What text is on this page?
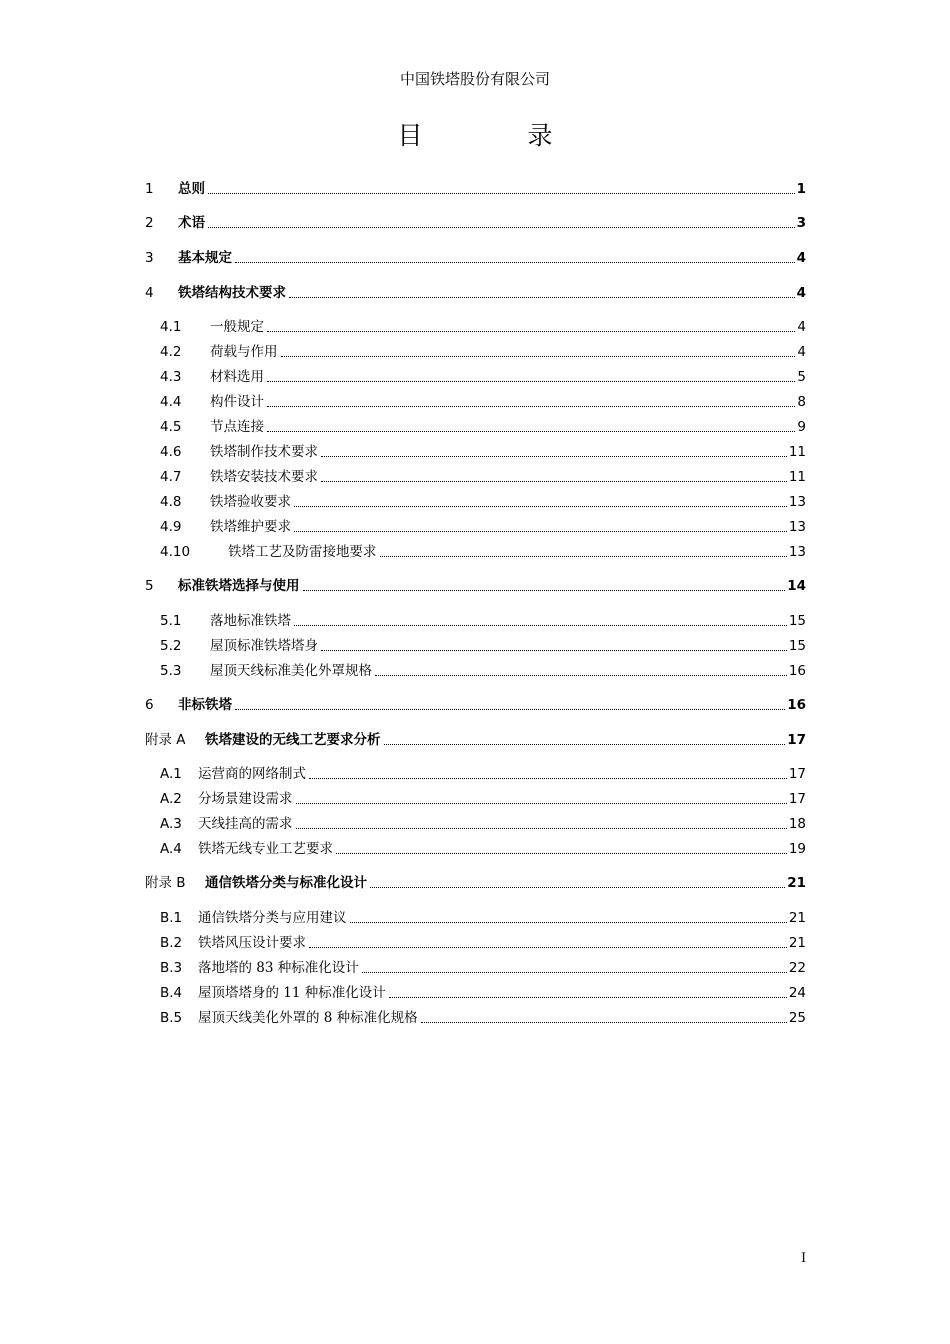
中国铁塔股份有限公司
目　录
1	总则	1
2	术语	3
3	基本规定	4
4	铁塔结构技术要求	4
4.1	一般规定	4
4.2	荷载与作用	4
4.3	材料选用	5
4.4	构件设计	8
4.5	节点连接	9
4.6	铁塔制作技术要求	11
4.7	铁塔安装技术要求	11
4.8	铁塔验收要求	13
4.9	铁塔维护要求	13
4.10	铁塔工艺及防雷接地要求	13
5	标准铁塔选择与使用	14
5.1	落地标准铁塔	15
5.2	屋顶标准铁塔塔身	15
5.3	屋顶天线标准美化外罩规格	16
6	非标铁塔	16
附录 A	铁塔建设的无线工艺要求分析	17
A.1	运营商的网络制式	17
A.2	分场景建设需求	17
A.3	天线挂高的需求	18
A.4	铁塔无线专业工艺要求	19
附录 B	通信铁塔分类与标准化设计	21
B.1	通信铁塔分类与应用建议	21
B.2	铁塔风压设计要求	21
B.3	落地塔的 83 种标准化设计	22
B.4	屋顶塔塔身的 11 种标准化设计	24
B.5	屋顶天线美化外罩的 8 种标准化规格	25
I
